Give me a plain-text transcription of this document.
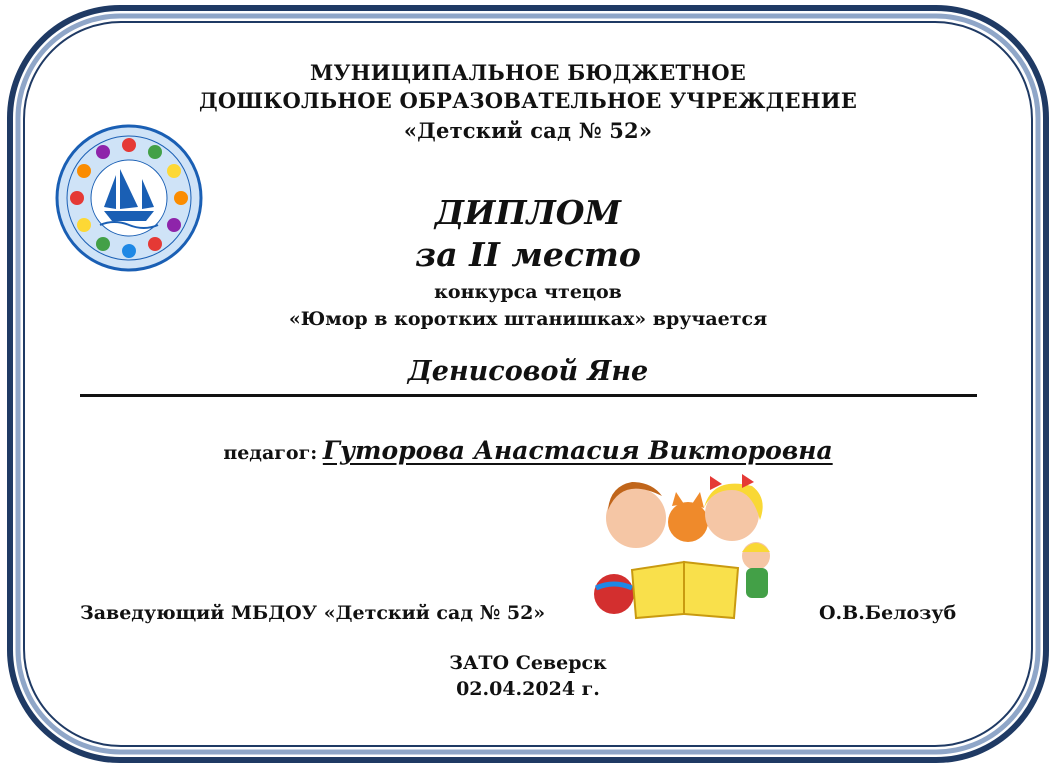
МУНИЦИПАЛЬНОЕ БЮДЖЕТНОЕ
ДОШКОЛЬНОЕ ОБРАЗОВАТЕЛЬНОЕ УЧРЕЖДЕНИЕ
«Детский сад № 52»
ДИПЛОМ
за II место
конкурса чтецов
«Юмор в коротких штанишках» вручается
Денисовой Яне
педагог: Гуторова Анастасия Викторовна
Заведующий МБДОУ «Детский сад № 52»	О.В.Белозуб
ЗАТО Северск
02.04.2024 г.
